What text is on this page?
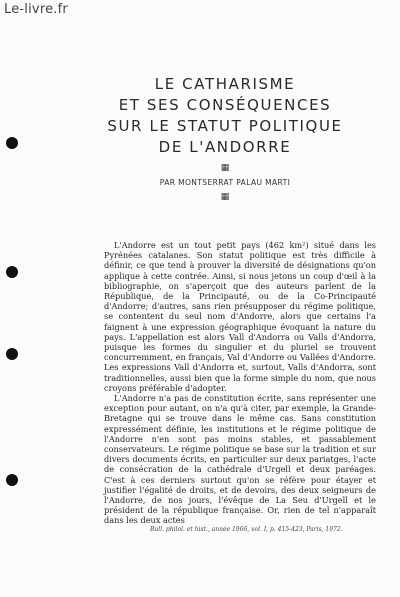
Le-livre.fr
LE CATHARISME
ET SES CONSÉQUENCES
SUR LE STATUT POLITIQUE
DE L'ANDORRE
▦
PAR MONTSERRAT PALAU MARTI
▦

L'Andorre est un tout petit pays (462 km²) situé dans les Pyrénées catalanes. Son statut politique est très difficile à définir, ce que tend à prouver la diversité de désignations qu'on applique à cette contrée. Ainsi, si nous jetons un coup d'œil à la bibliographie, on s'aperçoit que des auteurs parlent de la République, de la Principauté, ou de la Co-Principauté d'Andorre; d'autres, sans rien présupposer du régime politique, se contentent du seul nom d'Andorre, alors que certains l'a faignent à une expression géographique évoquant la nature du pays. L'appellation est alors Vall d'Andorra ou Valls d'Andorra, puisque les formes du singulier et du pluriel se trouvent concurremment, en français, Val d'Andorre ou Vallées d'Andorre. Les expressions Vall d'Andorra et, surtout, Valls d'Andorra, sont traditionnelles, aussi bien que la forme simple du nom, que nous croyons préférable d'adopter.

L'Andorre n'a pas de constitution écrite, sans représenter une exception pour autant, on n'a qu'à citer, par exemple, la Grande-Bretagne qui se trouve dans le même cas. Sans constitution expressément définie, les institutions et le régime politique de l'Andorre n'en sont pas moins stables, et passablement conservateurs. Le régime politique se base sur la tradition et sur divers documents écrits, en particulier sur deux pariatges, l'acte de consécration de la cathédrale d'Urgell et deux paréages. C'est à ces derniers surtout qu'on se réfère pour étayer et justifier l'égalité de droits, et de devoirs, des deux seigneurs de l'Andorre, de nos jours, l'évêque de La Seu d'Urgell et le président de la république française. Or, rien de tel n'apparaît dans les deux actes

Bull. philol. et hist., année 1966, vol. I, p. 415-423, Paris, 1972.
